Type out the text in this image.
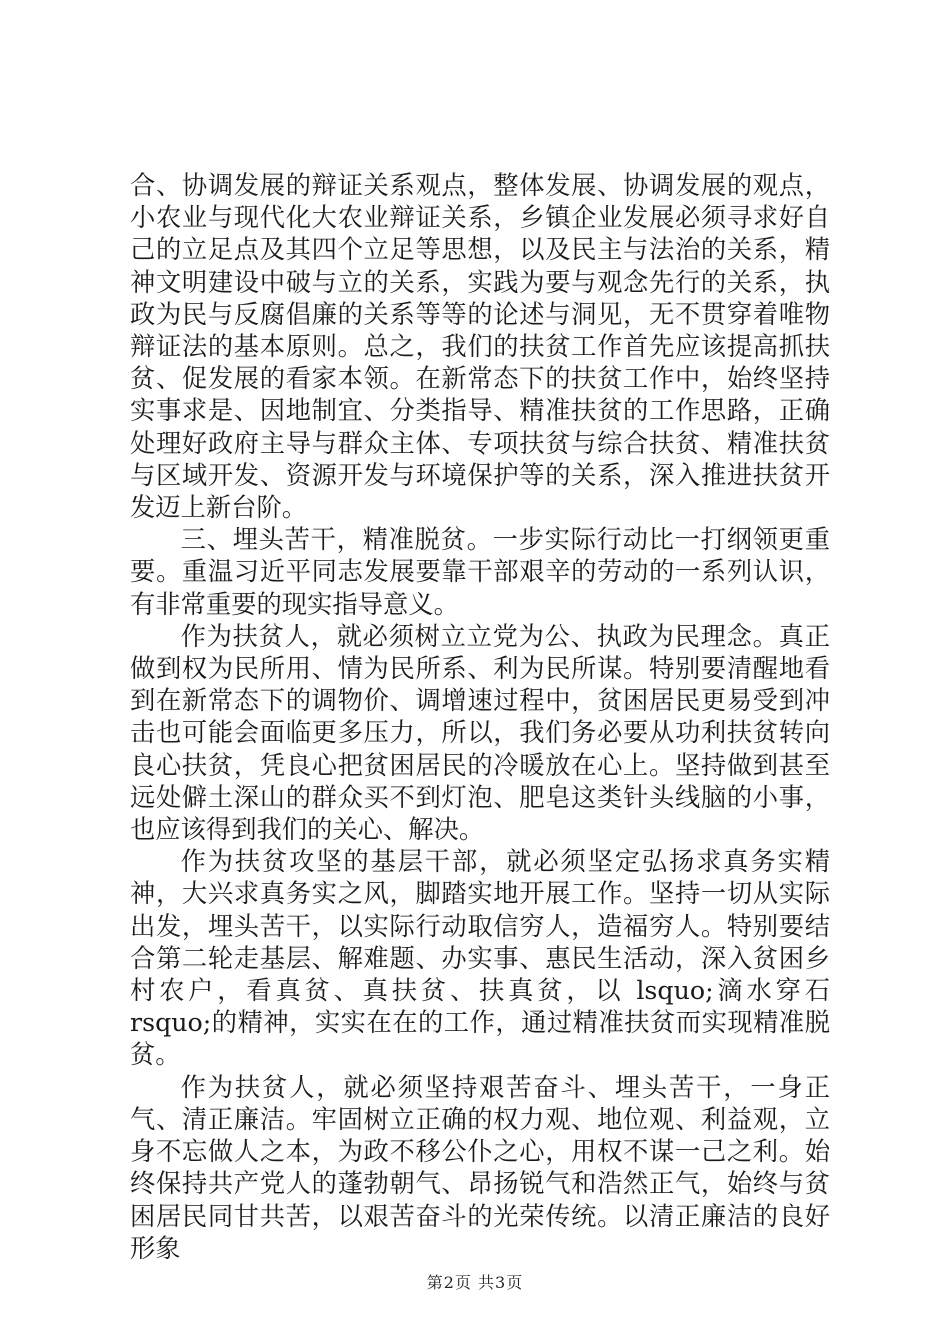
合、协调发展的辩证关系观点，整体发展、协调发展的观点，小农业与现代化大农业辩证关系，乡镇企业发展必须寻求好自己的立足点及其四个立足等思想，以及民主与法治的关系，精神文明建设中破与立的关系，实践为要与观念先行的关系，执政为民与反腐倡廉的关系等等的论述与洞见，无不贯穿着唯物辩证法的基本原则。总之，我们的扶贫工作首先应该提高抓扶贫、促发展的看家本领。在新常态下的扶贫工作中，始终坚持实事求是、因地制宜、分类指导、精准扶贫的工作思路，正确处理好政府主导与群众主体、专项扶贫与综合扶贫、精准扶贫与区域开发、资源开发与环境保护等的关系，深入推进扶贫开发迈上新台阶。

三、埋头苦干，精准脱贫。一步实际行动比一打纲领更重要。重温习近平同志发展要靠干部艰辛的劳动的一系列认识，有非常重要的现实指导意义。

作为扶贫人，就必须树立立党为公、执政为民理念。真正做到权为民所用、情为民所系、利为民所谋。特别要清醒地看到在新常态下的调物价、调增速过程中，贫困居民更易受到冲击也可能会面临更多压力，所以，我们务必要从功利扶贫转向良心扶贫，凭良心把贫困居民的冷暖放在心上。坚持做到甚至远处僻土深山的群众买不到灯泡、肥皂这类针头线脑的小事，也应该得到我们的关心、解决。

作为扶贫攻坚的基层干部，就必须坚定弘扬求真务实精神，大兴求真务实之风，脚踏实地开展工作。坚持一切从实际出发，埋头苦干，以实际行动取信穷人，造福穷人。特别要结合第二轮走基层、解难题、办实事、惠民生活动，深入贫困乡村农户，看真贫、真扶贫、扶真贫，以 lsquo;滴水穿石 rsquo;的精神，实实在在的工作，通过精准扶贫而实现精准脱贫。

作为扶贫人，就必须坚持艰苦奋斗、埋头苦干，一身正气、清正廉洁。牢固树立正确的权力观、地位观、利益观，立身不忘做人之本，为政不移公仆之心，用权不谋一己之利。始终保持共产党人的蓬勃朝气、昂扬锐气和浩然正气，始终与贫困居民同甘共苦，以艰苦奋斗的光荣传统。以清正廉洁的良好形象

第2页 共3页
